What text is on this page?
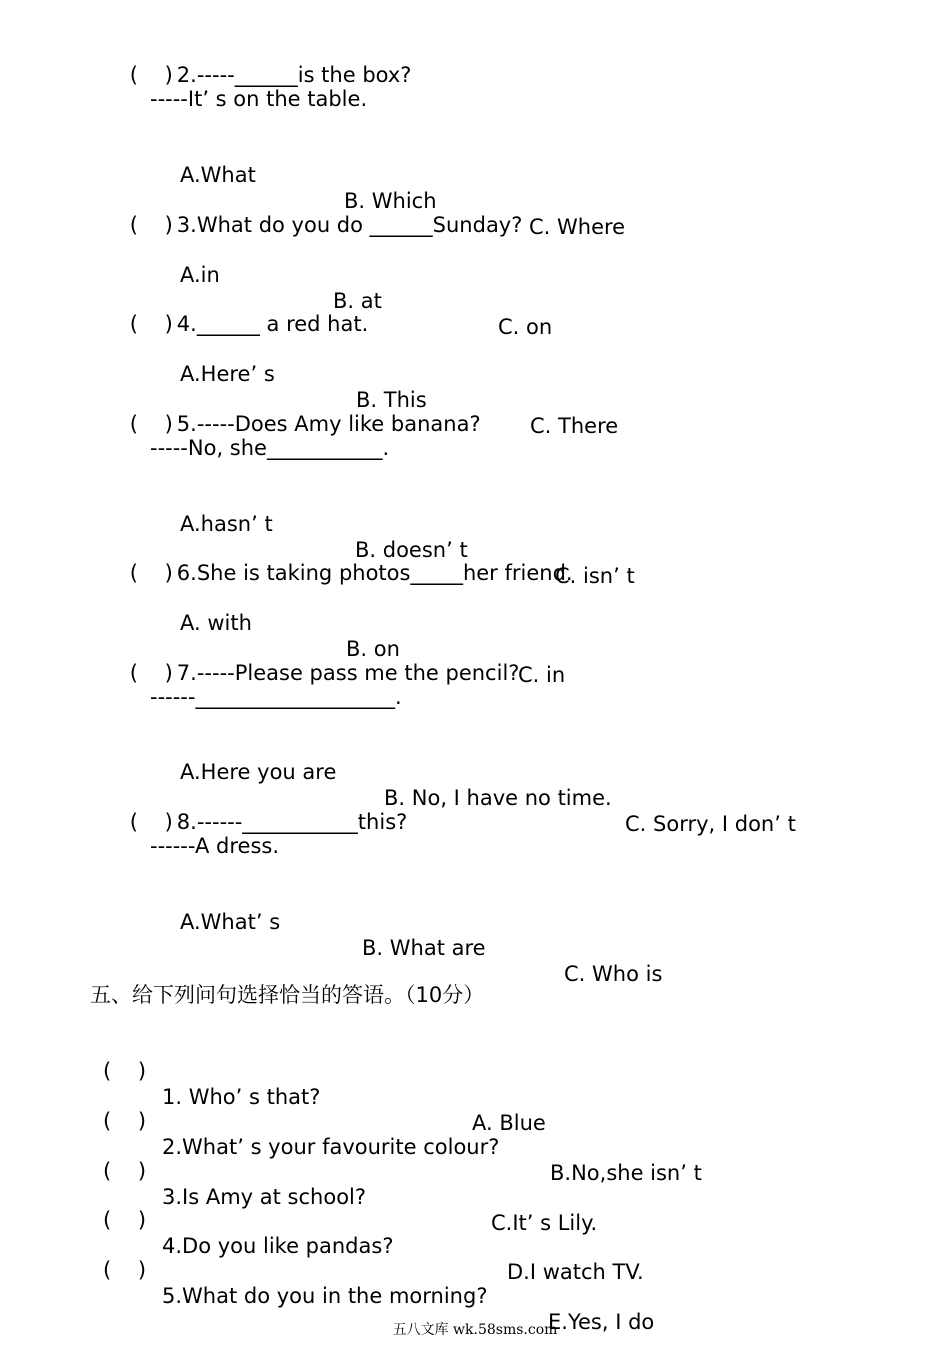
(    ) 2.-----______is the box?

-----It’ s on the table.

A.What

B. Which

C. Where

(    ) 3.What do you do ______Sunday?

A.in

B. at

C. on

(    ) 4.______ a red hat.

A.Here’ s

B. This

C. There

(    ) 5.-----Does Amy like banana?

-----No, she___________.

A.hasn’ t

B. doesn’ t

C. isn’ t

(    ) 6.She is taking photos_____her friend.

A. with

B. on

C. in

(    ) 7.-----Please pass me the pencil?

------___________________.

A.Here you are

B. No, I have no time.

C. Sorry, I don’ t

(    ) 8.------___________this?

------A dress.

A.What’ s

B. What are

C. Who is

五、给下列问句选择恰当的答语。（10分）

(    )

1. Who’ s that?

A. Blue

(    )

2.What’ s your favourite colour?

B.No,she isn’ t

(    )

3.Is Amy at school?

C.It’ s Lily.

(    )

4.Do you like pandas?

D.I watch TV.

(    )

5.What do you in the morning?

E.Yes, I do

五八文库 wk.58sms.com
